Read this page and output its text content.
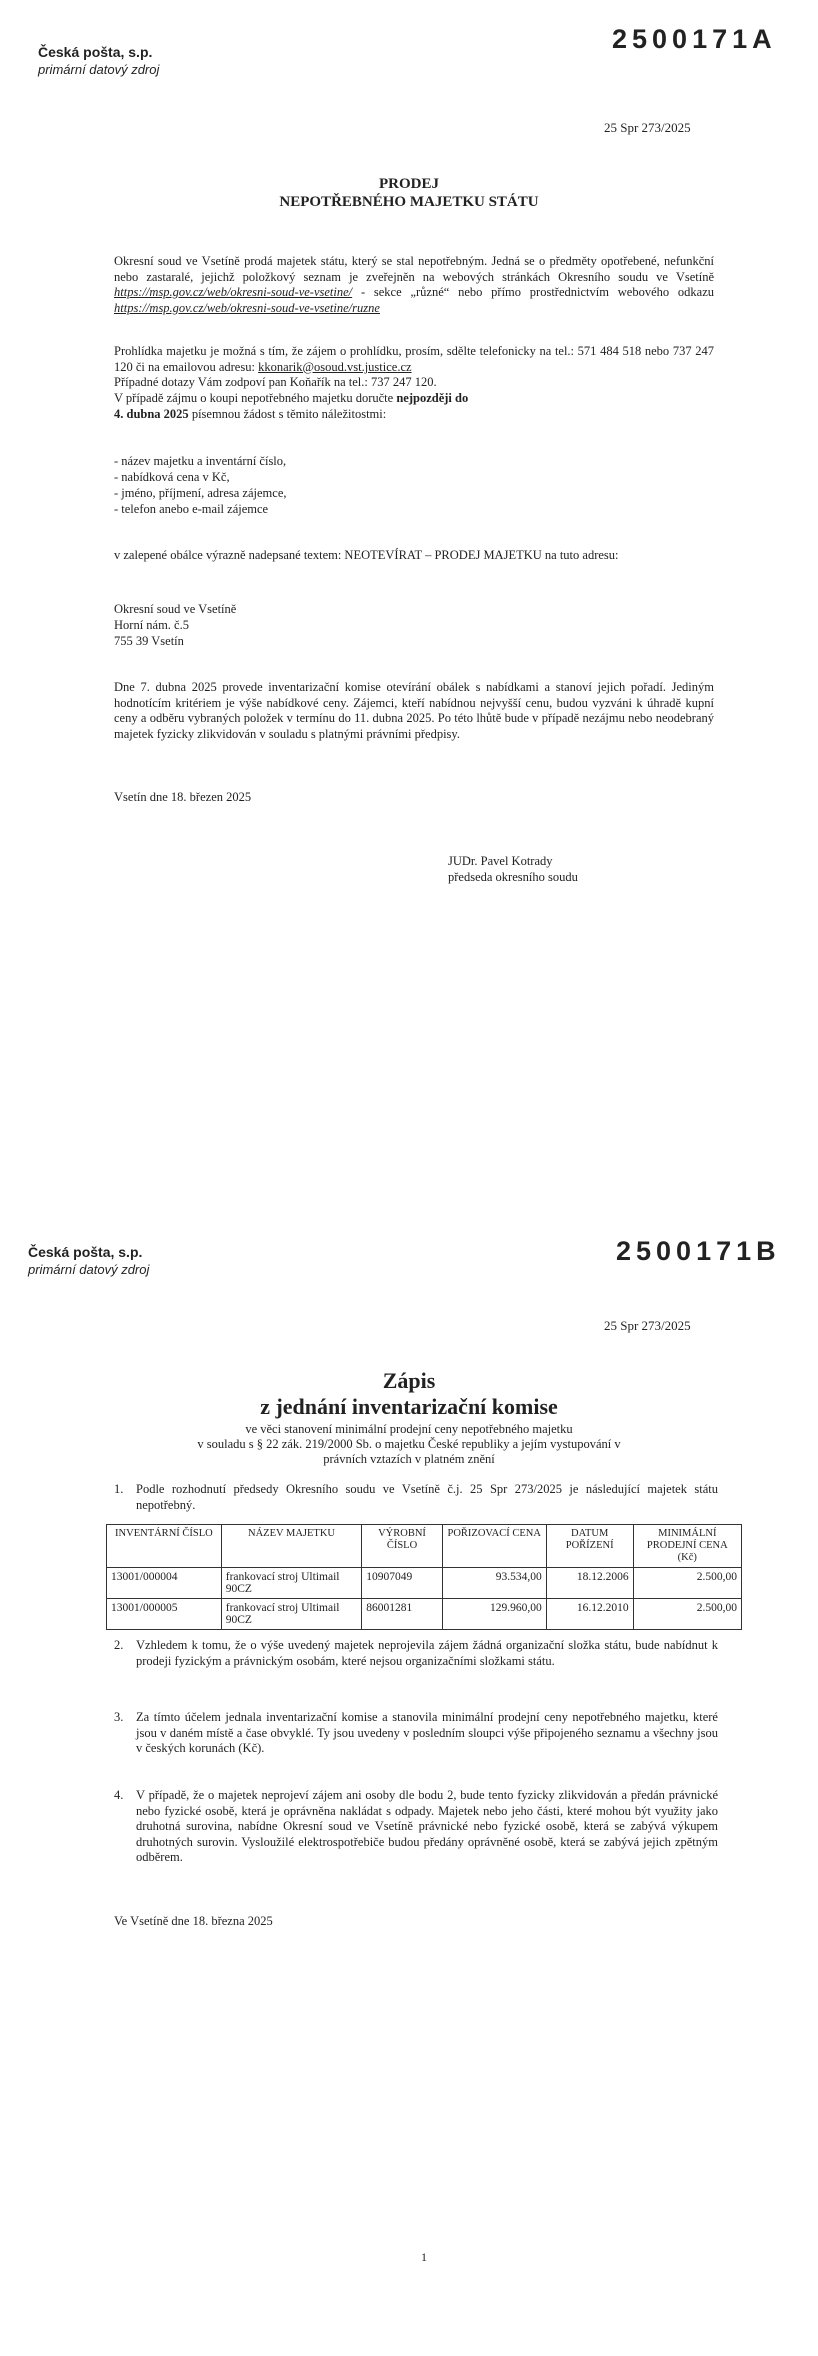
Česká pošta, s.p.
primární datový zdroj
2500171A
25 Spr 273/2025
PRODEJ
NEPOTŘEBNÉHO MAJETKU STÁTU

Okresní soud ve Vsetíně prodá majetek státu, který se stal nepotřebným. Jedná se o předměty opotřebené, nefunkční nebo zastaralé, jejichž položkový seznam je zveřejněn na webových stránkách Okresního soudu ve Vsetíně https://msp.gov.cz/web/okresni-soud-ve-vsetine/ - sekce „různé“ nebo přímo prostřednictvím webového odkazu https://msp.gov.cz/web/okresni-soud-ve-vsetine/ruzne

Prohlídka majetku je možná s tím, že zájem o prohlídku, prosím, sdělte telefonicky na tel.: 571 484 518 nebo 737 247 120 či na emailovou adresu: kkonarik@osoud.vst.justice.cz

Případné dotazy Vám zodpoví pan Koňařík na tel.: 737 247 120.

V případě zájmu o koupi nepotřebného majetku doručte nejpozději do

4. dubna 2025 písemnou žádost s těmito náležitostmi:

- název majetku a inventární číslo,

- nabídková cena v Kč,

- jméno, příjmení, adresa zájemce,

- telefon anebo e-mail zájemce

v zalepené obálce výrazně nadepsané textem: NEOTEVÍRAT – PRODEJ MAJETKU na tuto adresu:

Okresní soud ve Vsetíně

Horní nám. č.5

755 39 Vsetín

Dne 7. dubna 2025 provede inventarizační komise otevírání obálek s nabídkami a stanoví jejich pořadí. Jediným hodnotícím kritériem je výše nabídkové ceny. Zájemci, kteří nabídnou nejvyšší cenu, budou vyzváni k úhradě kupní ceny a odběru vybraných položek v termínu do 11. dubna 2025. Po této lhůtě bude v případě nezájmu nebo neodebraný majetek fyzicky zlikvidován v souladu s platnými právními předpisy.

Vsetín dne 18. březen 2025

JUDr. Pavel Kotrady

předseda okresního soudu

Česká pošta, s.p.
primární datový zdroj
2500171B
25 Spr 273/2025
Zápis
z jednání inventarizační komise
ve věci stanovení minimální prodejní ceny nepotřebného majetku
v souladu s § 22 zák. 219/2000 Sb. o majetku České republiky a jejím vystupování v
právních vztazích v platném znění
1. Podle rozhodnutí předsedy Okresního soudu ve Vsetíně č.j. 25 Spr 273/2025 je následující majetek státu nepotřebný.
INVENTÁRNÍ ČÍSLO	NÁZEV MAJETKU	VÝROBNÍ ČÍSLO	POŘIZOVACÍ CENA	DATUM POŘÍZENÍ	MINIMÁLNÍ PRODEJNÍ CENA (Kč)
13001/000004	frankovací stroj Ultimail 90CZ	10907049	93.534,00	18.12.2006	2.500,00
13001/000005	frankovací stroj Ultimail 90CZ	86001281	129.960,00	16.12.2010	2.500,00
2. Vzhledem k tomu, že o výše uvedený majetek neprojevila zájem žádná organizační složka státu, bude nabídnut k prodeji fyzickým a právnickým osobám, které nejsou organizačními složkami státu.
3. Za tímto účelem jednala inventarizační komise a stanovila minimální prodejní ceny nepotřebného majetku, které jsou v daném místě a čase obvyklé. Ty jsou uvedeny v posledním sloupci výše připojeného seznamu a všechny jsou v českých korunách (Kč).
4. V případě, že o majetek neprojeví zájem ani osoby dle bodu 2, bude tento fyzicky zlikvidován a předán právnické nebo fyzické osobě, která je oprávněna nakládat s odpady. Majetek nebo jeho části, které mohou být využity jako druhotná surovina, nabídne Okresní soud ve Vsetíně právnické nebo fyzické osobě, která se zabývá výkupem druhotných surovin. Vysloužilé elektrospotřebiče budou předány oprávněné osobě, která se zabývá jejich zpětným odběrem.

Ve Vsetíně dne 18. března 2025

1
